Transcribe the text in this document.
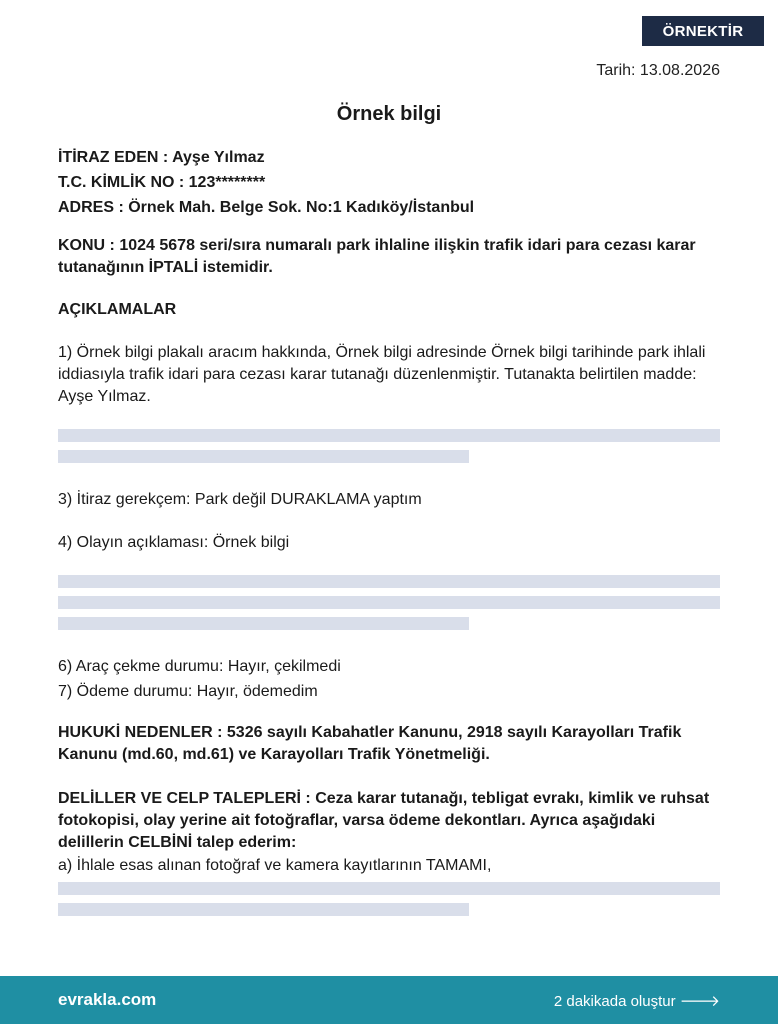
ÖRNEKTİR
Tarih: 13.08.2026
Örnek bilgi
İTİRAZ EDEN : Ayşe Yılmaz
T.C. KİMLİK NO : 123********
ADRES : Örnek Mah. Belge Sok. No:1 Kadıköy/İstanbul
KONU : 1024 5678 seri/sıra numaralı park ihlaline ilişkin trafik idari para cezası karar tutanağının İPTALİ istemidir.
AÇIKLAMALAR
1) Örnek bilgi plakalı aracım hakkında, Örnek bilgi adresinde Örnek bilgi tarihinde park ihlali iddiasıyla trafik idari para cezası karar tutanağı düzenlenmiştir. Tutanakta belirtilen madde: Ayşe Yılmaz.
3) İtiraz gerekçem: Park değil DURAKLAMA yaptım
4) Olayın açıklaması: Örnek bilgi
6) Araç çekme durumu: Hayır, çekilmedi
7) Ödeme durumu: Hayır, ödemedim
HUKUKİ NEDENLER : 5326 sayılı Kabahatler Kanunu, 2918 sayılı Karayolları Trafik Kanunu (md.60, md.61) ve Karayolları Trafik Yönetmeliği.
DELİLLER VE CELP TALEPLERİ : Ceza karar tutanağı, tebligat evrakı, kimlik ve ruhsat fotokopisi, olay yerine ait fotoğraflar, varsa ödeme dekontları. Ayrıca aşağıdaki delillerin CELBİNİ talep ederim:
a) İhlale esas alınan fotoğraf ve kamera kayıtlarının TAMAMI,
evrakla.com	2 dakikada oluştur 🡒
